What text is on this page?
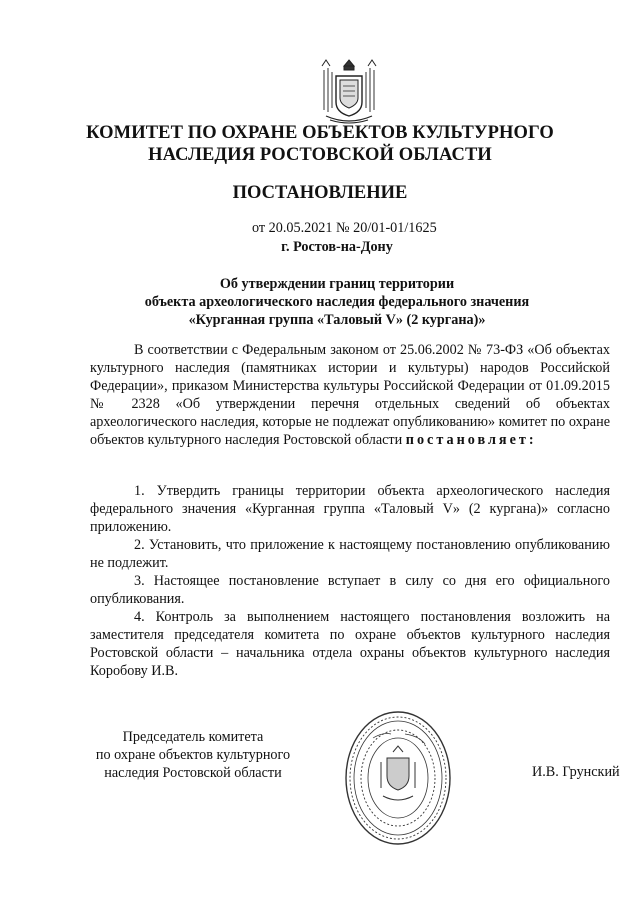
КОМИТЕТ ПО ОХРАНЕ ОБЪЕКТОВ КУЛЬТУРНОГО
НАСЛЕДИЯ РОСТОВСКОЙ ОБЛАСТИ
ПОСТАНОВЛЕНИЕ
от 20.05.2021 № 20/01-01/1625
г. Ростов-на-Дону
Об утверждении границ территории
объекта археологического наследия федерального значения
«Курганная группа «Таловый V» (2 кургана)»

В соответствии с Федеральным законом от 25.06.2002 № 73-ФЗ «Об объектах культурного наследия (памятниках истории и культуры) народов Российской Федерации», приказом Министерства культуры Российской Федерации от 01.09.2015 № 2328 «Об утверждении перечня отдельных сведений об объектах археологического наследия, которые не подлежат опубликованию» комитет по охране объектов культурного наследия Ростовской области постановляет:

1. Утвердить границы территории объекта археологического наследия федерального значения «Курганная группа «Таловый V» (2 кургана)» согласно приложению.

2. Установить, что приложение к настоящему постановлению опубликованию не подлежит.

3. Настоящее постановление вступает в силу со дня его официального опубликования.

4. Контроль за выполнением настоящего постановления возложить на заместителя председателя комитета по охране объектов культурного наследия Ростовской области – начальника отдела охраны объектов культурного наследия Коробову И.В.

Председатель комитета
по охране объектов культурного
наследия Ростовской области	И.В. Грунский
